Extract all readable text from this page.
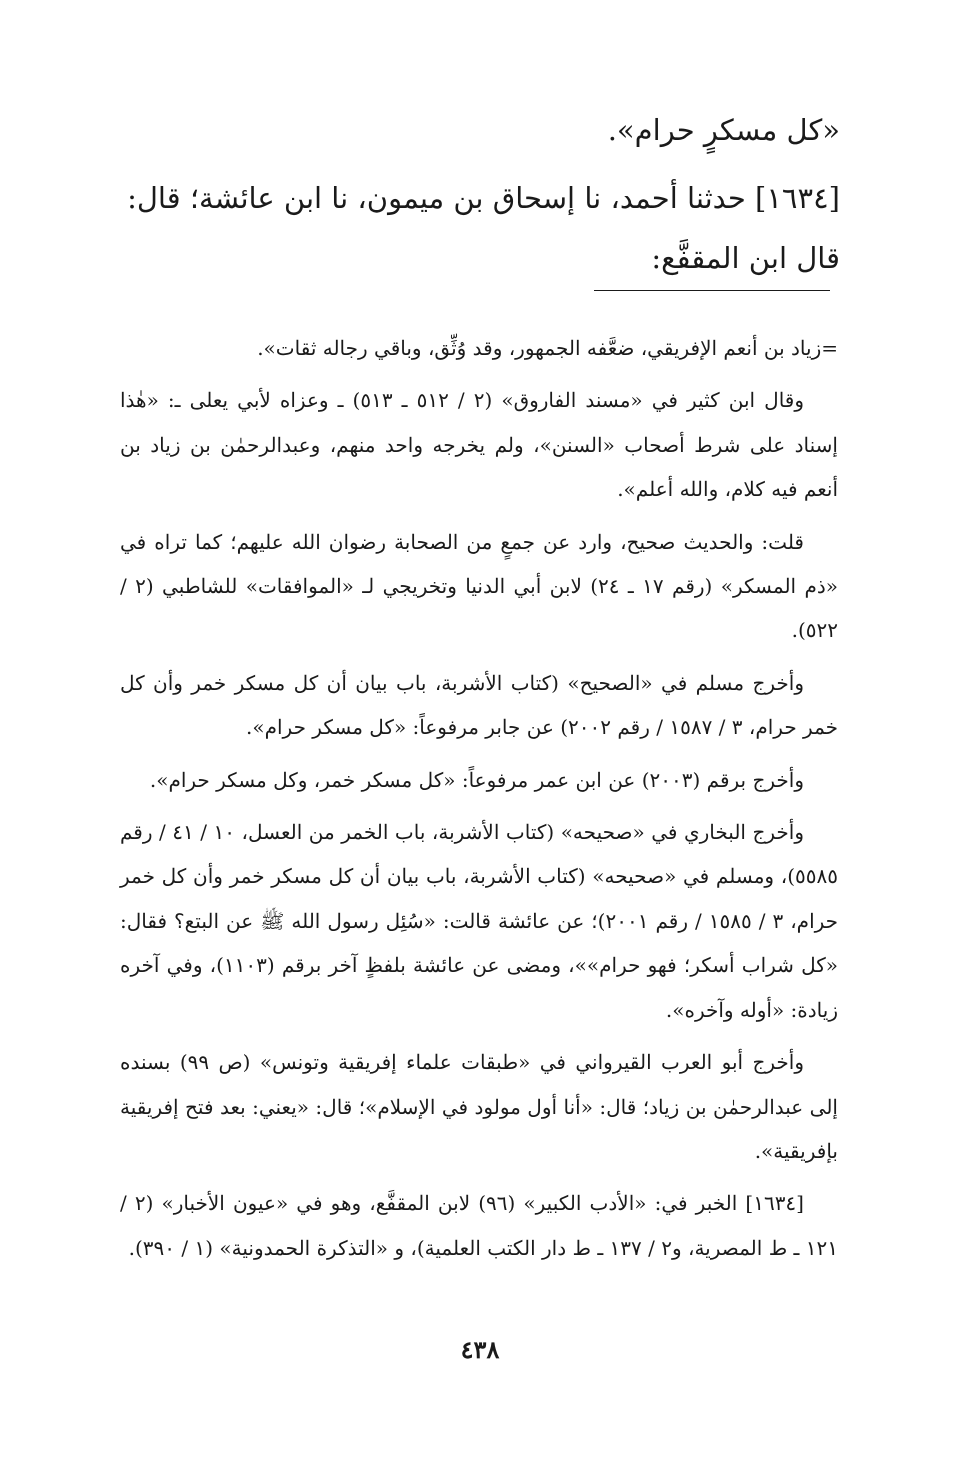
«كل مسكرٍ حرام».

[١٦٣٤] حدثنا أحمد، نا إسحاق بن ميمون، نا ابن عائشة؛ قال:

قال ابن المقفَّع:

=زياد بن أنعم الإفريقي، ضعَّفه الجمهور، وقد وُثِّق، وباقي رجاله ثقات».

وقال ابن كثير في «مسند الفاروق» (٢ / ٥١٢ ـ ٥١٣) ـ وعزاه لأبي يعلى ـ: «هٰذا إسناد على شرط أصحاب «السنن»، ولم يخرجه واحد منهم، وعبدالرحمٰن بن زياد بن أنعم فيه كلام، والله أعلم».

قلت: والحديث صحيح، وارد عن جمعٍ من الصحابة رضوان الله عليهم؛ كما تراه في «ذم المسكر» (رقم ١٧ ـ ٢٤) لابن أبي الدنيا وتخريجي لـ «الموافقات» للشاطبي (٢ / ٥٢٢).

وأخرج مسلم في «الصحيح» (كتاب الأشربة، باب بيان أن كل مسكر خمر وأن كل خمر حرام، ٣ / ١٥٨٧ / رقم ٢٠٠٢) عن جابر مرفوعاً: «كل مسكر حرام».

وأخرج برقم (٢٠٠٣) عن ابن عمر مرفوعاً: «كل مسكر خمر، وكل مسكر حرام».

وأخرج البخاري في «صحيحه» (كتاب الأشربة، باب الخمر من العسل، ١٠ / ٤١ / رقم ٥٥٨٥)، ومسلم في «صحيحه» (كتاب الأشربة، باب بيان أن كل مسكر خمر وأن كل خمر حرام، ٣ / ١٥٨٥ / رقم ٢٠٠١)؛ عن عائشة قالت: «سُئِل رسول الله ﷺ عن البتع؟ فقال: «كل شراب أسكر؛ فهو حرام»»، ومضى عن عائشة بلفظٍ آخر برقم (١١٠٣)، وفي آخره زيادة: «أوله وآخره».

وأخرج أبو العرب القيرواني في «طبقات علماء إفريقية وتونس» (ص ٩٩) بسنده إلى عبدالرحمٰن بن زياد؛ قال: «أنا أول مولود في الإسلام»؛ قال: «يعني: بعد فتح إفريقية بإفريقية».

[١٦٣٤] الخبر في: «الأدب الكبير» (٩٦) لابن المقفَّع، وهو في «عيون الأخبار» (٢ / ١٢١ ـ ط المصرية، و٢ / ١٣٧ ـ ط دار الكتب العلمية)، و «التذكرة الحمدونية» (١ / ٣٩٠).

٤٣٨
